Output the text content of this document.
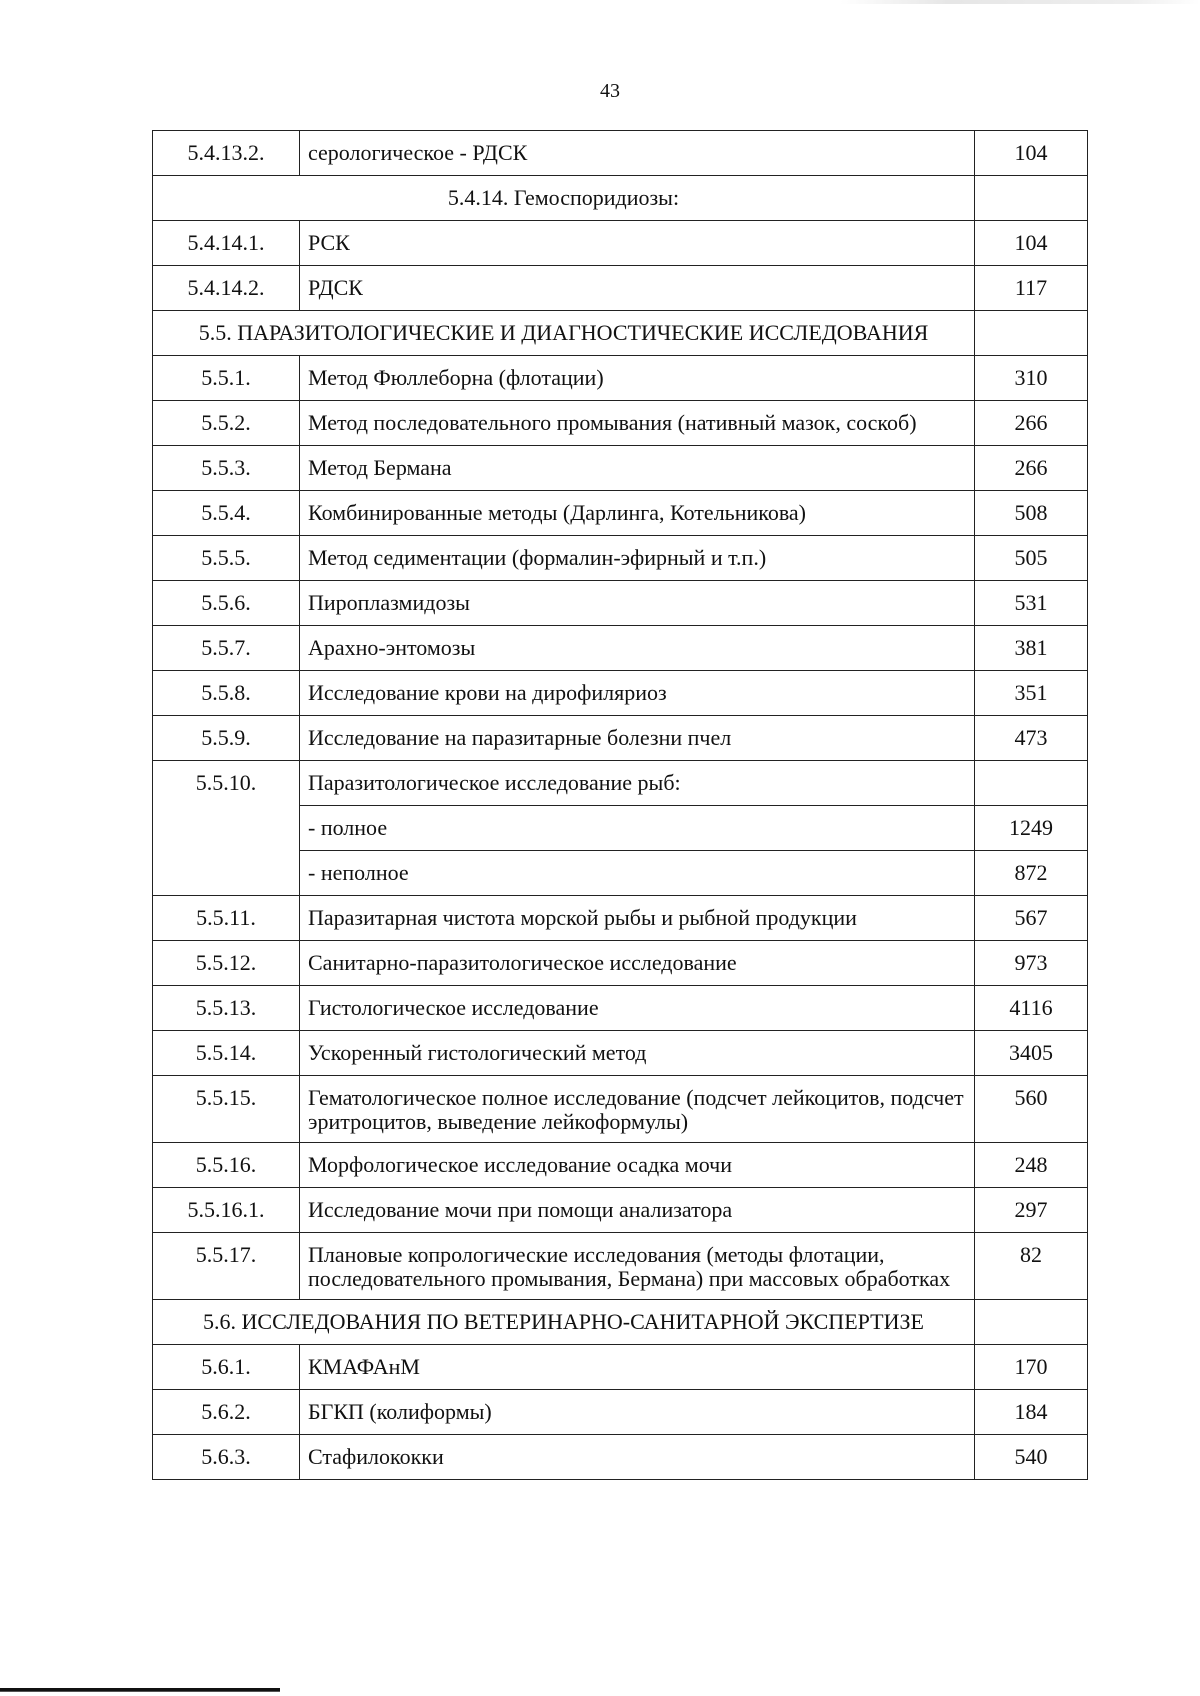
43
5.4.13.2.	серологическое - РДСК	104
5.4.14. Гемоспоридиозы:		
5.4.14.1.	РСК	104
5.4.14.2.	РДСК	117
5.5. ПАРАЗИТОЛОГИЧЕСКИЕ И ДИАГНОСТИЧЕСКИЕ ИССЛЕДОВАНИЯ		
5.5.1.	Метод Фюллеборна (флотации)	310
5.5.2.	Метод последовательного промывания (нативный мазок, соскоб)	266
5.5.3.	Метод Бермана	266
5.5.4.	Комбинированные методы (Дарлинга, Котельникова)	508
5.5.5.	Метод седиментации (формалин-эфирный и т.п.)	505
5.5.6.	Пироплазмидозы	531
5.5.7.	Арахно-энтомозы	381
5.5.8.	Исследование крови на дирофиляриоз	351
5.5.9.	Исследование на паразитарные болезни пчел	473
5.5.10.	Паразитологическое исследование рыб:	
	- полное	1249
	- неполное	872
5.5.11.	Паразитарная чистота морской рыбы и рыбной продукции	567
5.5.12.	Санитарно-паразитологическое исследование	973
5.5.13.	Гистологическое исследование	4116
5.5.14.	Ускоренный гистологический метод	3405
5.5.15.	Гематологическое полное исследование (подсчет лейкоцитов, подсчет эритроцитов, выведение лейкоформулы)	560
5.5.16.	Морфологическое исследование осадка мочи	248
5.5.16.1.	Исследование мочи при помощи анализатора	297
5.5.17.	Плановые копрологические исследования (методы флотации, последовательного промывания, Бермана) при массовых обработках	82
5.6. ИССЛЕДОВАНИЯ ПО ВЕТЕРИНАРНО-САНИТАРНОЙ ЭКСПЕРТИЗЕ		
5.6.1.	КМАФАнМ	170
5.6.2.	БГКП (колиформы)	184
5.6.3.	Стафилококки	540
